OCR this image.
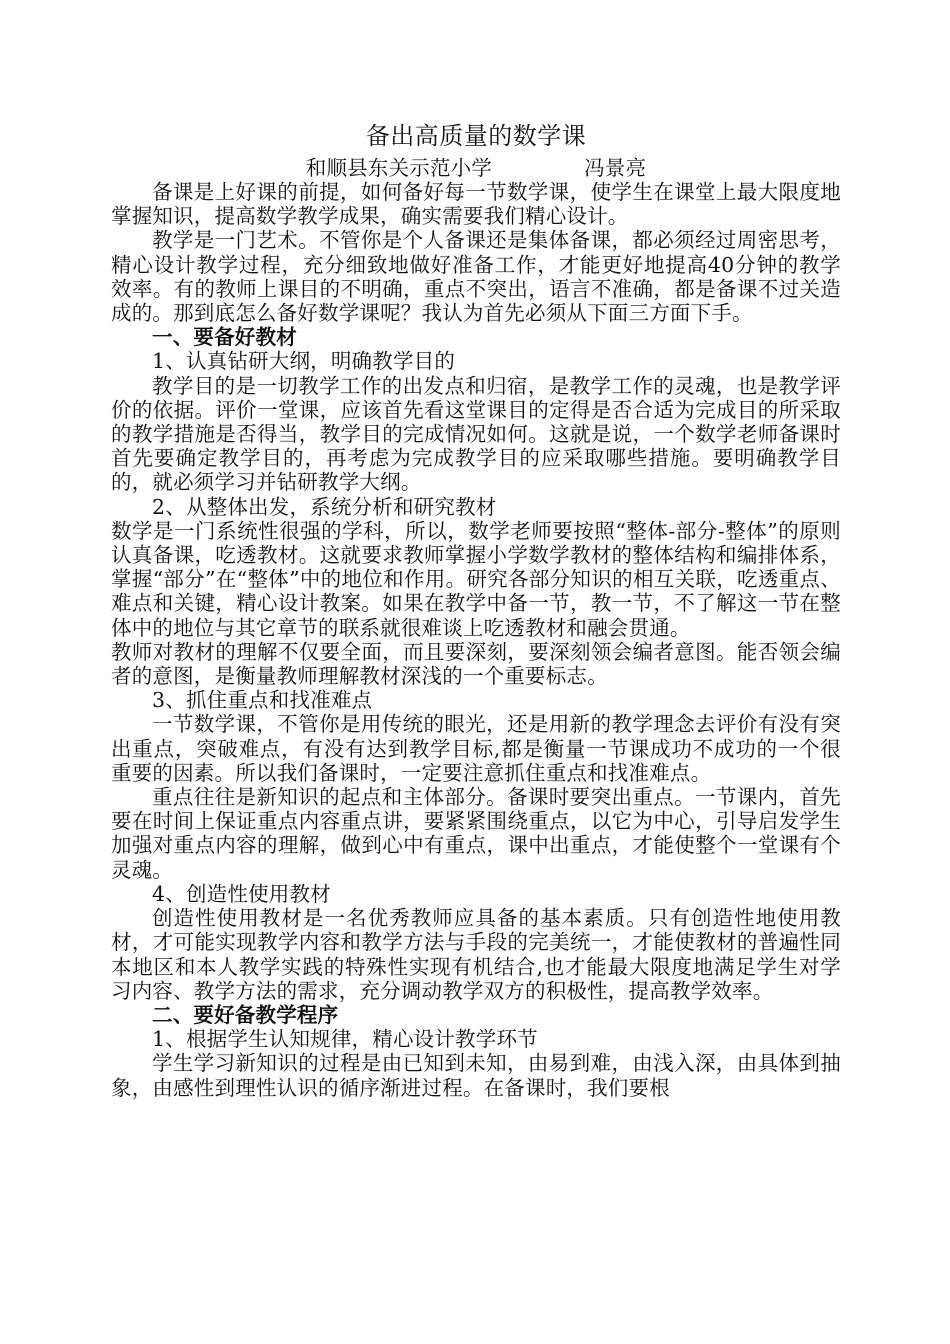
备出高质量的数学课
和顺县东关示范小学	冯景亮

备课是上好课的前提，如何备好每一节数学课，使学生在课堂上最大限度地掌握知识，提高数学教学成果，确实需要我们精心设计。

教学是一门艺术。不管你是个人备课还是集体备课，都必须经过周密思考，精心设计教学过程，充分细致地做好准备工作，才能更好地提高40分钟的教学效率。有的教师上课目的不明确，重点不突出，语言不准确，都是备课不过关造成的。那到底怎么备好数学课呢？我认为首先必须从下面三方面下手。

一、要备好教材

1、认真钻研大纲，明确教学目的

教学目的是一切教学工作的出发点和归宿，是教学工作的灵魂，也是教学评价的依据。评价一堂课，应该首先看这堂课目的定得是否合适为完成目的所采取的教学措施是否得当，教学目的完成情况如何。这就是说，一个数学老师备课时首先要确定教学目的，再考虑为完成教学目的应采取哪些措施。要明确教学目的，就必须学习并钻研教学大纲。

2、从整体出发，系统分析和研究教材

数学是一门系统性很强的学科，所以，数学老师要按照“整体-部分-整体”的原则认真备课，吃透教材。这就要求教师掌握小学数学教材的整体结构和编排体系，掌握“部分”在“整体”中的地位和作用。研究各部分知识的相互关联，吃透重点、难点和关键，精心设计教案。如果在教学中备一节，教一节，不了解这一节在整体中的地位与其它章节的联系就很难谈上吃透教材和融会贯通。

教师对教材的理解不仅要全面，而且要深刻，要深刻领会编者意图。能否领会编者的意图，是衡量教师理解教材深浅的一个重要标志。

3、抓住重点和找准难点

一节数学课，不管你是用传统的眼光，还是用新的教学理念去评价有没有突出重点，突破难点，有没有达到教学目标,都是衡量一节课成功不成功的一个很重要的因素。所以我们备课时，一定要注意抓住重点和找准难点。

重点往往是新知识的起点和主体部分。备课时要突出重点。一节课内，首先要在时间上保证重点内容重点讲，要紧紧围绕重点，以它为中心，引导启发学生加强对重点内容的理解，做到心中有重点，课中出重点，才能使整个一堂课有个灵魂。

4、创造性使用教材

创造性使用教材是一名优秀教师应具备的基本素质。只有创造性地使用教材，才可能实现教学内容和教学方法与手段的完美统一，才能使教材的普遍性同本地区和本人教学实践的特殊性实现有机结合,也才能最大限度地满足学生对学习内容、教学方法的需求，充分调动教学双方的积极性，提高教学效率。

二、要好备教学程序

1、根据学生认知规律，精心设计教学环节

学生学习新知识的过程是由已知到未知，由易到难，由浅入深，由具体到抽象，由感性到理性认识的循序渐进过程。在备课时，我们要根
